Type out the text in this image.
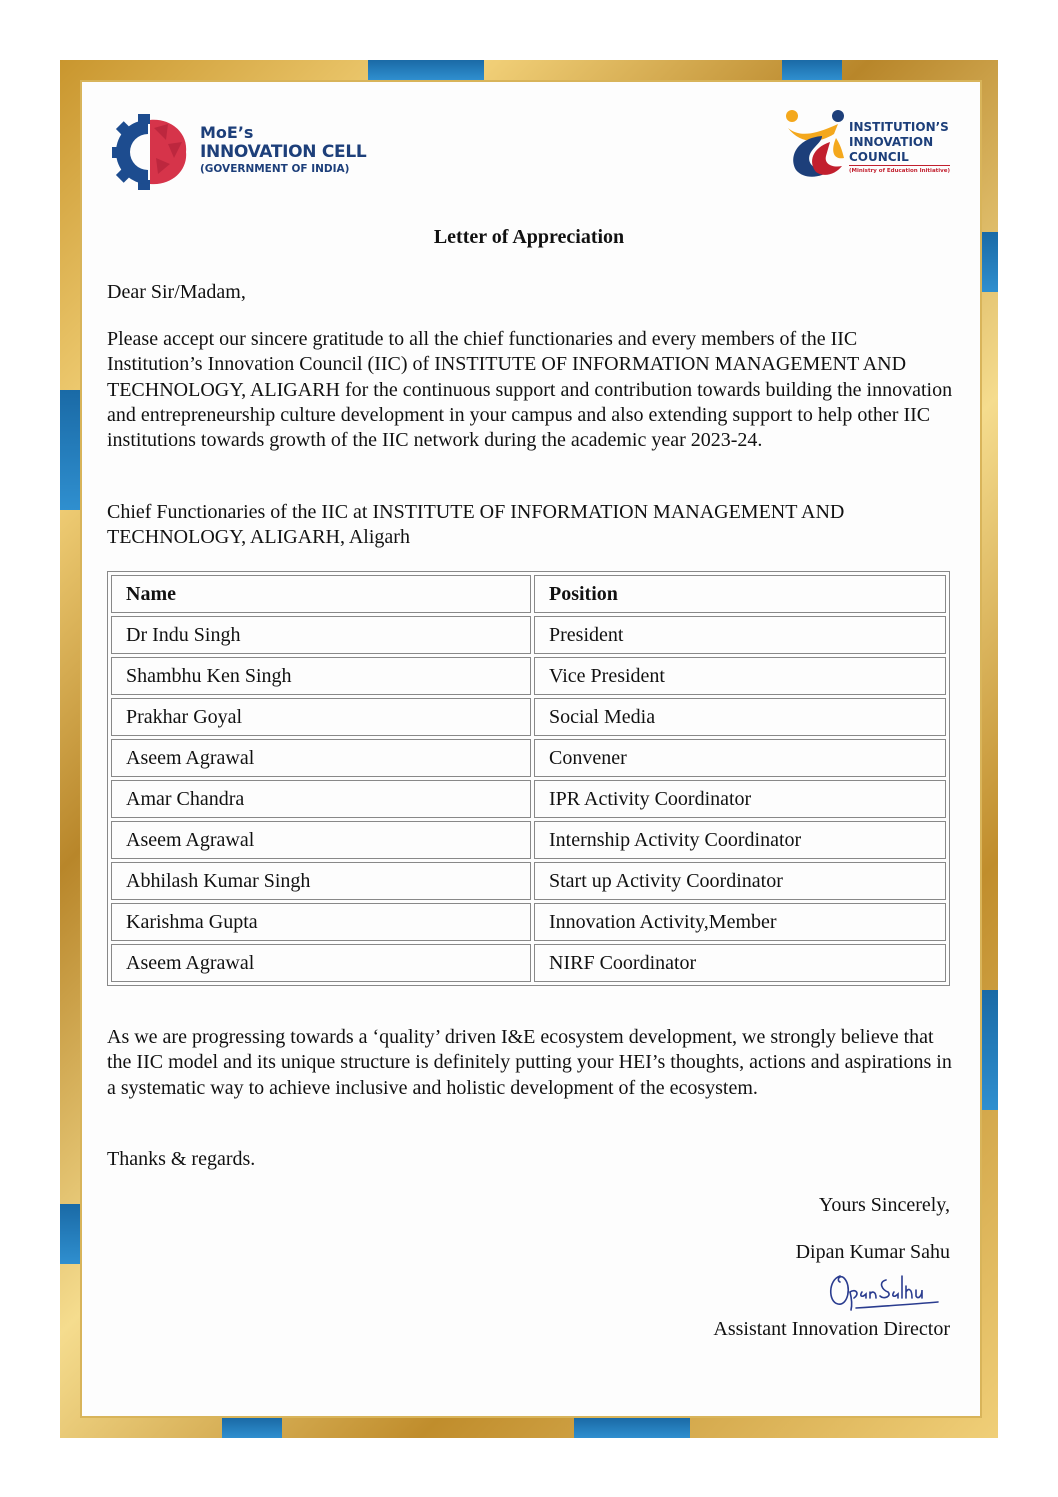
MoE’s
INNOVATION CELL
(GOVERNMENT OF INDIA)
INSTITUTION’S
INNOVATION
COUNCIL
(Ministry of Education Initiative)
Letter of Appreciation

Dear Sir/Madam,

Please accept our sincere gratitude to all the chief functionaries and every members of the IIC Institution’s Innovation Council (IIC) of INSTITUTE OF INFORMATION MANAGEMENT AND TECHNOLOGY, ALIGARH for the continuous support and contribution towards building the innovation and entrepreneurship culture development in your campus and also extending support to help other IIC institutions towards growth of the IIC network during the academic year 2023-24.

Chief Functionaries of the IIC at INSTITUTE OF INFORMATION MANAGEMENT AND TECHNOLOGY, ALIGARH, Aligarh

Name	Position
Dr Indu Singh	President
Shambhu Ken Singh	Vice President
Prakhar Goyal	Social Media
Aseem Agrawal	Convener
Amar Chandra	IPR Activity Coordinator
Aseem Agrawal	Internship Activity Coordinator
Abhilash Kumar Singh	Start up Activity Coordinator
Karishma Gupta	Innovation Activity,Member
Aseem Agrawal	NIRF Coordinator

As we are progressing towards a ‘quality’ driven I&E ecosystem development, we strongly believe that the IIC model and its unique structure is definitely putting your HEI’s thoughts, actions and aspirations in a systematic way to achieve inclusive and holistic development of the ecosystem.

Thanks & regards.

Yours Sincerely,
Dipan Kumar Sahu
Assistant Innovation Director
